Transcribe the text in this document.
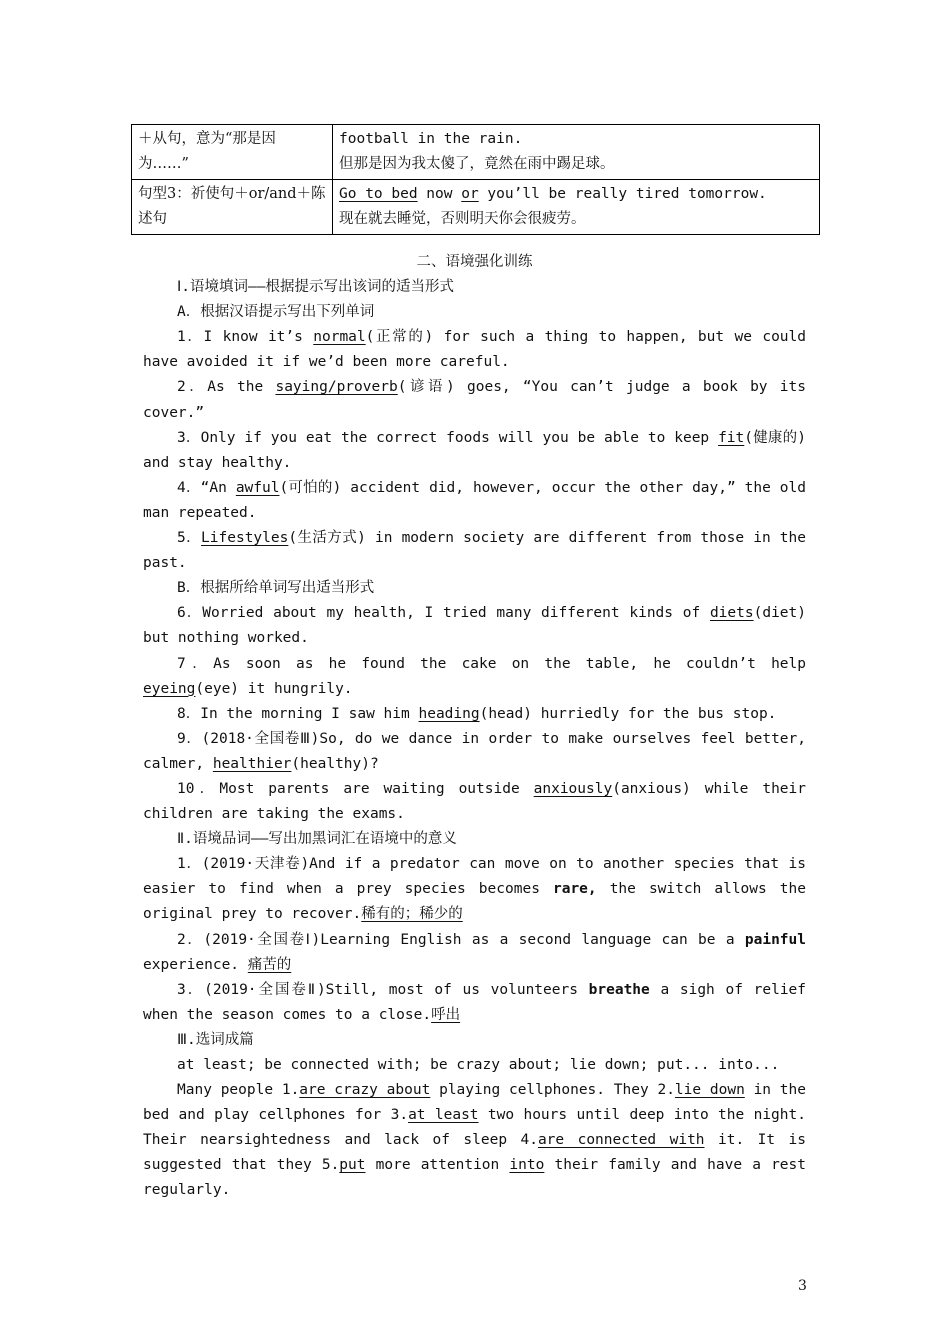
＋从句，意为“那是因为……”	football in the rain.
但那是因为我太傻了，竟然在雨中踢足球。

句型3：祈使句＋or/and＋陈述句	Go to bed now or you’ll be really tired tomorrow.
现在就去睡觉，否则明天你会很疲劳。
二、语境强化训练
Ⅰ.语境填词——根据提示写出该词的适当形式
A．根据汉语提示写出下列单词
1．I know it’s normal(正常的) for such a thing to happen, but we could have avoided it if we’d been more careful.
2．As the saying/proverb(谚语) goes, “You can’t judge a book by its cover.”
3．Only if you eat the correct foods will you be able to keep fit(健康的) and stay healthy.
4．“An awful(可怕的) accident did, however, occur the other day,” the old man repeated.
5．Lifestyles(生活方式) in modern society are different from those in the past.
B．根据所给单词写出适当形式
6．Worried about my health, I tried many different kinds of diets(diet) but nothing worked.
7．As soon as he found the cake on the table, he couldn’t help eyeing(eye) it hungrily.
8．In the morning I saw him heading(head) hurriedly for the bus stop.
9．(2018·全国卷Ⅲ)So, do we dance in order to make ourselves feel better, calmer, healthier(healthy)?
10．Most parents are waiting outside anxiously(anxious) while their children are taking the exams.
Ⅱ.语境品词——写出加黑词汇在语境中的意义
1．(2019·天津卷)And if a predator can move on to another species that is easier to find when a prey species becomes rare, the switch allows the original prey to recover.稀有的；稀少的
2．(2019·全国卷Ⅰ)Learning English as a second language can be a painful experience. 痛苦的
3．(2019·全国卷Ⅱ)Still, most of us volunteers breathe a sigh of relief when the season comes to a close.呼出
Ⅲ.选词成篇
at least; be connected with; be crazy about; lie down; put... into...
Many people 1.are crazy about playing cellphones. They 2.lie down in the bed and play cellphones for 3.at least two hours until deep into the night. Their nearsightedness and lack of sleep 4.are connected with it. It is suggested that they 5.put more attention into their family and have a rest regularly.
3
